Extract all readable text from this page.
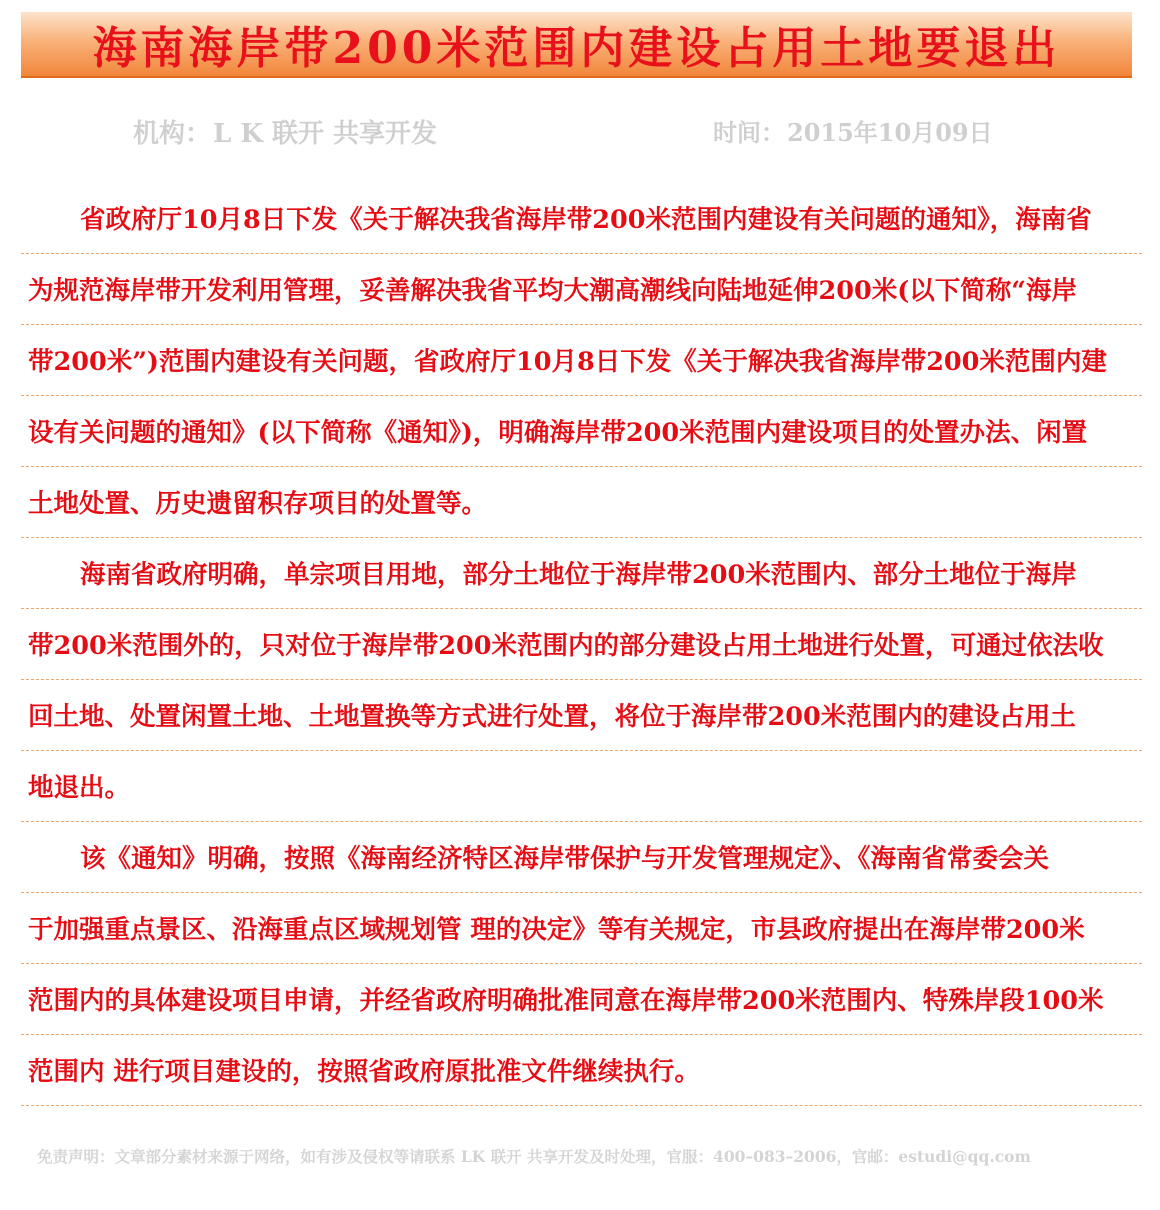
海南海岸带200米范围内建设占用土地要退出
机构：L K 联开 共享开发	时间：2015年10月09日
省政府厅10月8日下发《关于解决我省海岸带200米范围内建设有关问题的通知》，海南省
为规范海岸带开发利用管理，妥善解决我省平均大潮高潮线向陆地延伸200米(以下简称“海岸
带200米”)范围内建设有关问题，省政府厅10月8日下发《关于解决我省海岸带200米范围内建
设有关问题的通知》(以下简称《通知》)，明确海岸带200米范围内建设项目的处置办法、闲置
土地处置、历史遗留积存项目的处置等。
海南省政府明确，单宗项目用地，部分土地位于海岸带200米范围内、部分土地位于海岸
带200米范围外的，只对位于海岸带200米范围内的部分建设占用土地进行处置，可通过依法收
回土地、处置闲置土地、土地置换等方式进行处置，将位于海岸带200米范围内的建设占用土
地退出。
该《通知》明确，按照《海南经济特区海岸带保护与开发管理规定》、《海南省常委会关
于加强重点景区、沿海重点区域规划管 理的决定》等有关规定，市县政府提出在海岸带200米
范围内的具体建设项目申请，并经省政府明确批准同意在海岸带200米范围内、特殊岸段100米
范围内 进行项目建设的，按照省政府原批准文件继续执行。
免责声明：文章部分素材来源于网络，如有涉及侵权等请联系 LK 联开 共享开发及时处理，官服：400–083–2006，官邮：estudi@qq.com
